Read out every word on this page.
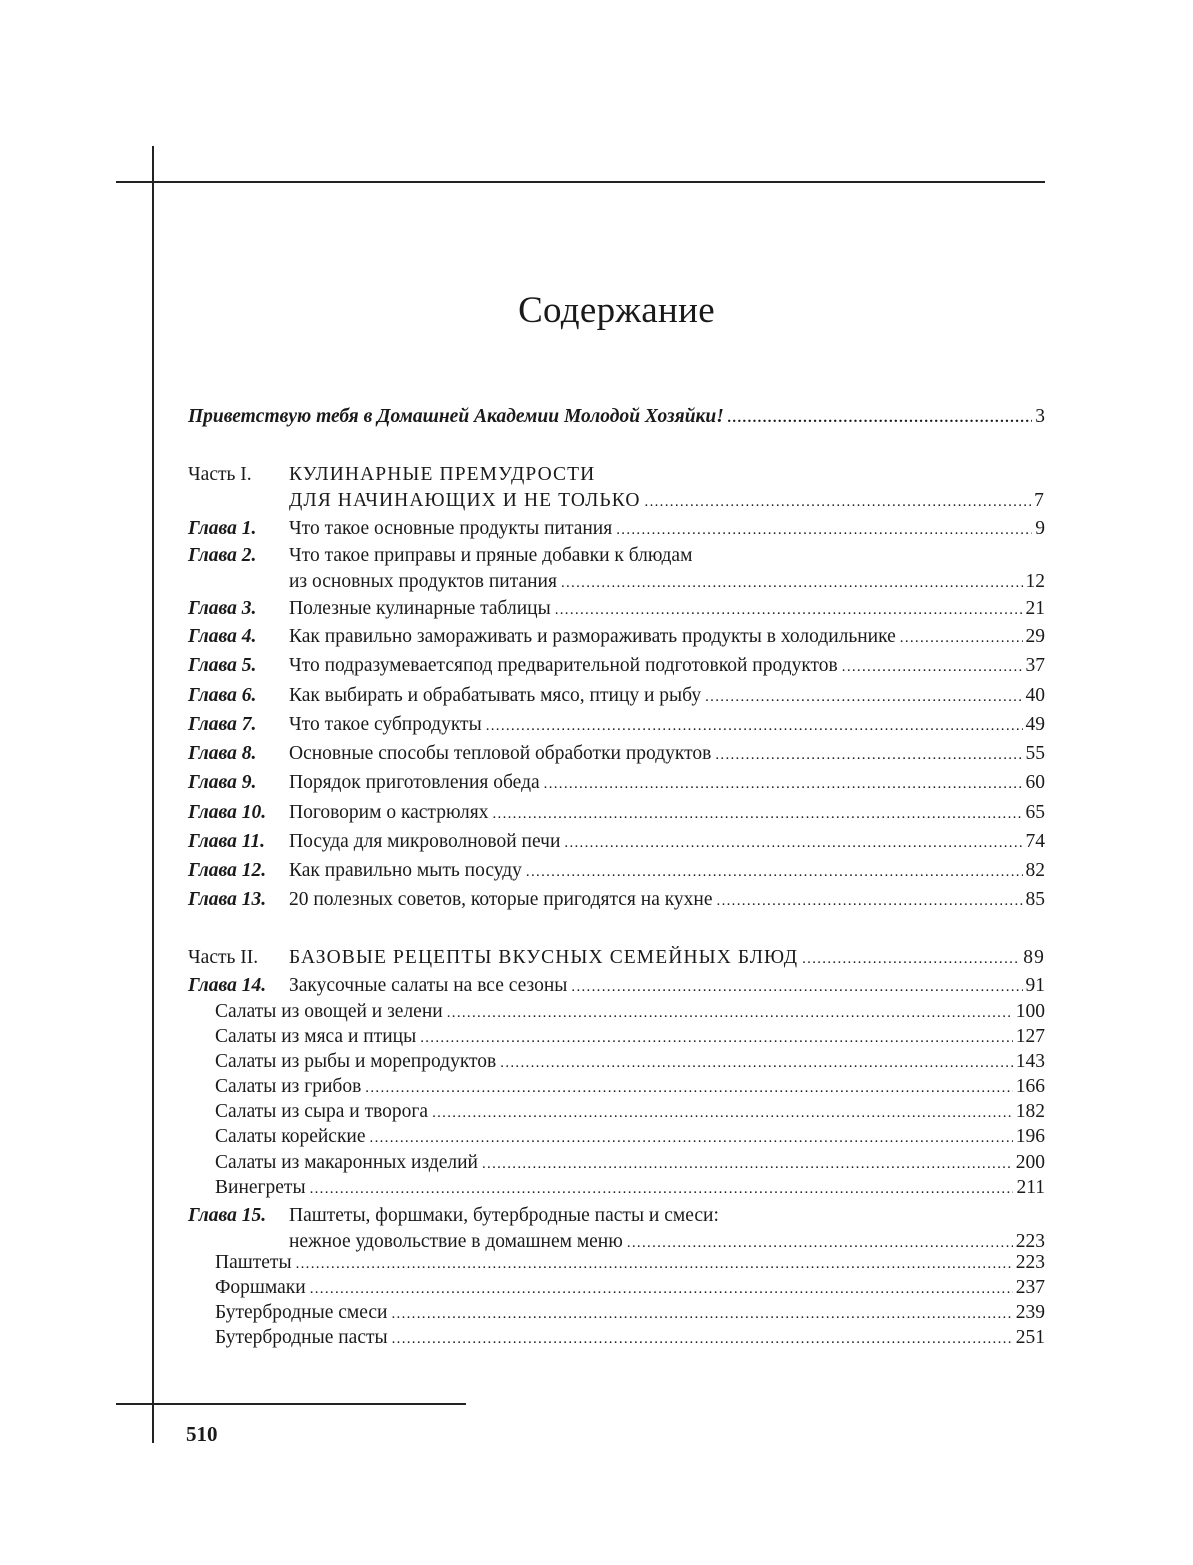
Содержание
Приветствую тебя в Домашней Академии Молодой Хозяйки! .....	3
Часть I. КУЛИНАРНЫЕ ПРЕМУДРОСТИ
ДЛЯ НАЧИНАЮЩИХ И НЕ ТОЛЬКО .....	7
Глава 1. Что такое основные продукты питания .....	9
Глава 2. Что такое приправы и пряные добавки к блюдам
из основных продуктов питания .....	12
Глава 3. Полезные кулинарные таблицы .....	21
Глава 4. Как правильно замораживать и размораживать продукты в холодильнике .....	29
Глава 5. Что подразумеваетсяпод предварительной подготовкой продуктов .....	37
Глава 6. Как выбирать и обрабатывать мясо, птицу и рыбу .....	40
Глава 7. Что такое субпродукты .....	49
Глава 8. Основные способы тепловой обработки продуктов .....	55
Глава 9. Порядок приготовления обеда .....	60
Глава 10. Поговорим о кастрюлях .....	65
Глава 11. Посуда для микроволновой печи .....	74
Глава 12. Как правильно мыть посуду .....	82
Глава 13. 20 полезных советов, которые пригодятся на кухне .....	85
Часть II. БАЗОВЫЕ РЕЦЕПТЫ ВКУСНЫХ СЕМЕЙНЫХ БЛЮД .....	89
Глава 14. Закусочные салаты на все сезоны .....	91
Салаты из овощей и зелени .....	100
Салаты из мяса и птицы .....	127
Салаты из рыбы и морепродуктов .....	143
Салаты из грибов .....	166
Салаты из сыра и творога .....	182
Салаты корейские .....	196
Салаты из макаронных изделий .....	200
Винегреты .....	211
Глава 15. Паштеты, форшмаки, бутербродные пасты и смеси:
нежное удовольствие в домашнем меню .....	223
Паштеты .....	223
Форшмаки .....	237
Бутербродные смеси .....	239
Бутербродные пасты .....	251
510
